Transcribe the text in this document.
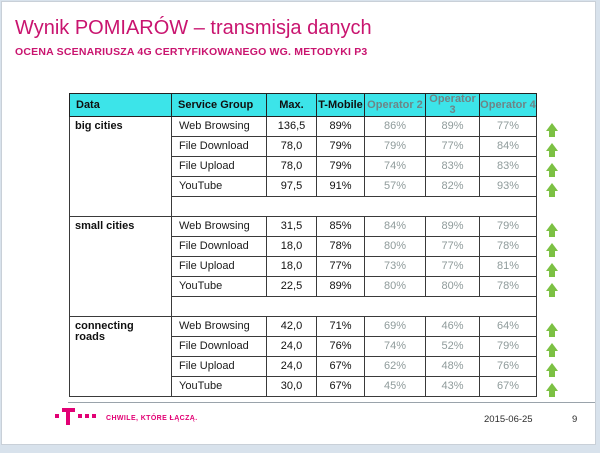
Wynik POMIARÓW – transmisja danych
OCENA SCENARIUSZA 4G CERTYFIKOWANEGO WG. METODYKI P3
Data	Service Group	Max.	T-Mobile	Operator 2	Operator 3	Operator 4	
big cities	Web Browsing	136,5	89%	86%	89%	77%	

	File Download	78,0	79%	79%	77%	84%	

	File Upload	78,0	79%	74%	83%	83%	

	YouTube	97,5	91%	57%	82%	93%	

small cities	Web Browsing	31,5	85%	84%	89%	79%	

	File Download	18,0	78%	80%	77%	78%	

	File Upload	18,0	77%	73%	77%	81%	

	YouTube	22,5	89%	80%	80%	78%	

connecting roads	Web Browsing	42,0	71%	69%	46%	64%	

	File Download	24,0	76%	74%	52%	79%	

	File Upload	24,0	67%	62%	48%	76%	

	YouTube	30,0	67%	45%	43%	67%	
CHWILE, KTÓRE ŁĄCZĄ.	2015-06-25	9
